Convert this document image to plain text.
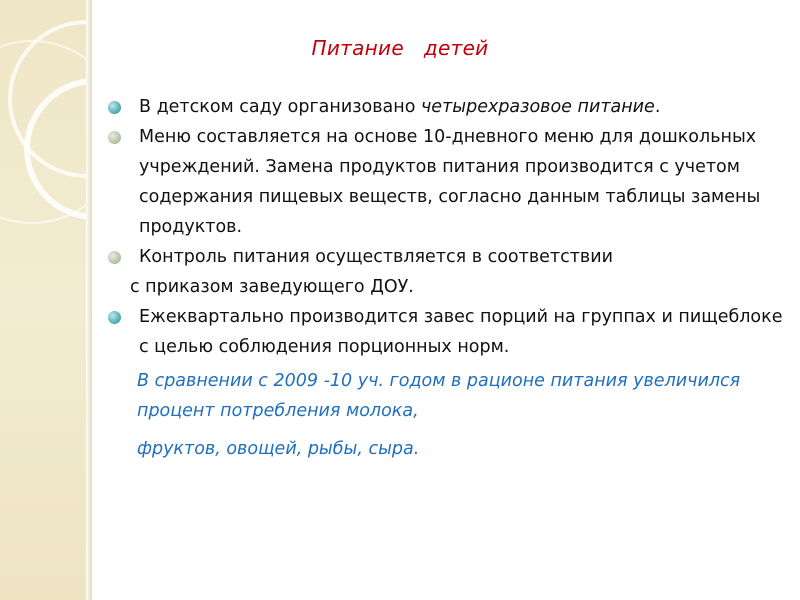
Питание   детей
В детском саду организовано четырехразовое питание.
Меню составляется на основе 10-дневного меню для дошкольных учреждений. Замена продуктов питания производится с учетом содержания пищевых веществ, согласно данным таблицы замены продуктов.
Контроль питания осуществляется в соответствии
с приказом заведующего ДОУ.
Ежеквартально производится завес порций на группах и пищеблоке с целью соблюдения порционных норм.
В сравнении с 2009 -10 уч. годом в рационе питания увеличился процент потребления молока,
фруктов, овощей, рыбы, сыра.
